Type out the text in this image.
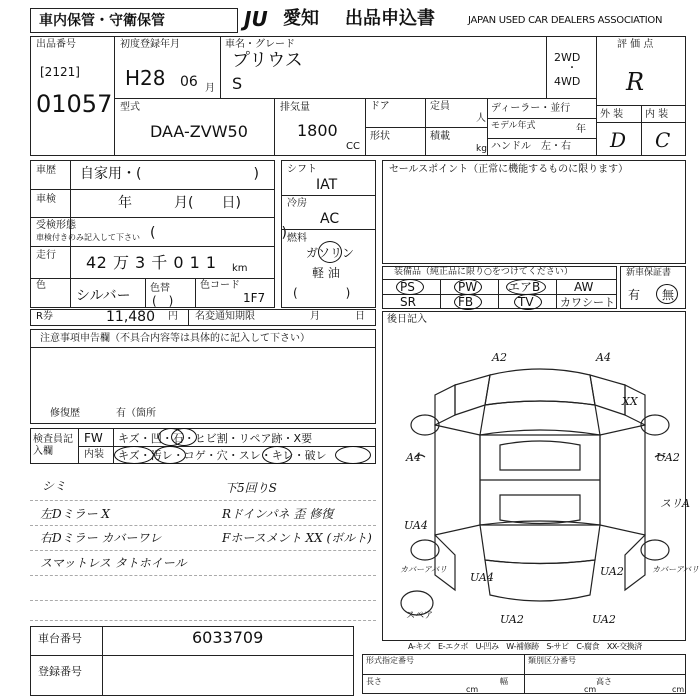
車内保管・守衛保管	JU 愛知 出品申込書	JAPAN USED CAR DEALERS ASSOCIATION
出品番号
[2121]
01057
初度登録年月
H28 06 月
車名・グレード
プリウス
S
2WD
・
4WD
型式
DAA-ZVW50
排気量
1800
CC
ドア
形状
定員
人
積載
kg
ディーラー・並行
モデル年式	年
ハンドル　左・右
評 価 点
R
外 装 内 装
D C
車歴 自家用・(　　　　　　　　)
車検	年　　　月(　　日)
受検形態
車検付きのみ記入して下さい (　　　　　　　　　)
走行 42 万 3 千 0 1 1 km
色
シルバー 色替
(　)
色コード
1F7
シフト
IAT
冷房
AC
燃料
ガソリン
軽 油
(　　　　)
セールスポイント（正常に機能するものに限ります）
装備品（純正品に限り○をつけてください）
PS	PW	エアB	AW
SR	FB	TV カワシート
新車保証書
有 無
R券	11,480 円 名変通知期限	月	日 後日記入
注意事項申告欄（不具合内容等は具体的に記入して下さい）
修復歴	有（箇所
検査員記入欄
FW キズ・凹・石・ヒビ割・リペア跡・X要
内装 キズ・汚レ・コゲ・穴・スレ・キレ・破レ
シミ
左Dミラー X
右Dミラー カバーワレ
スマットレス タトホイール
下5回りS
Rドインパネ 歪 修復
Fホースメント XX (ボルト)
A2	A4
XX
A4	UA2
UA4
スリA
UA4	UA2
UA2	UA2
カバーアバリ	カバーアバリ
スペア
A-キズ　E-エクボ　U-凹み　W-補修跡　S-サビ　C-腐食　XX-交換済
車台番号	6033709
登録番号
形式指定番号	類別区分番号
長さ
cm
幅
cm
高さ
cm
